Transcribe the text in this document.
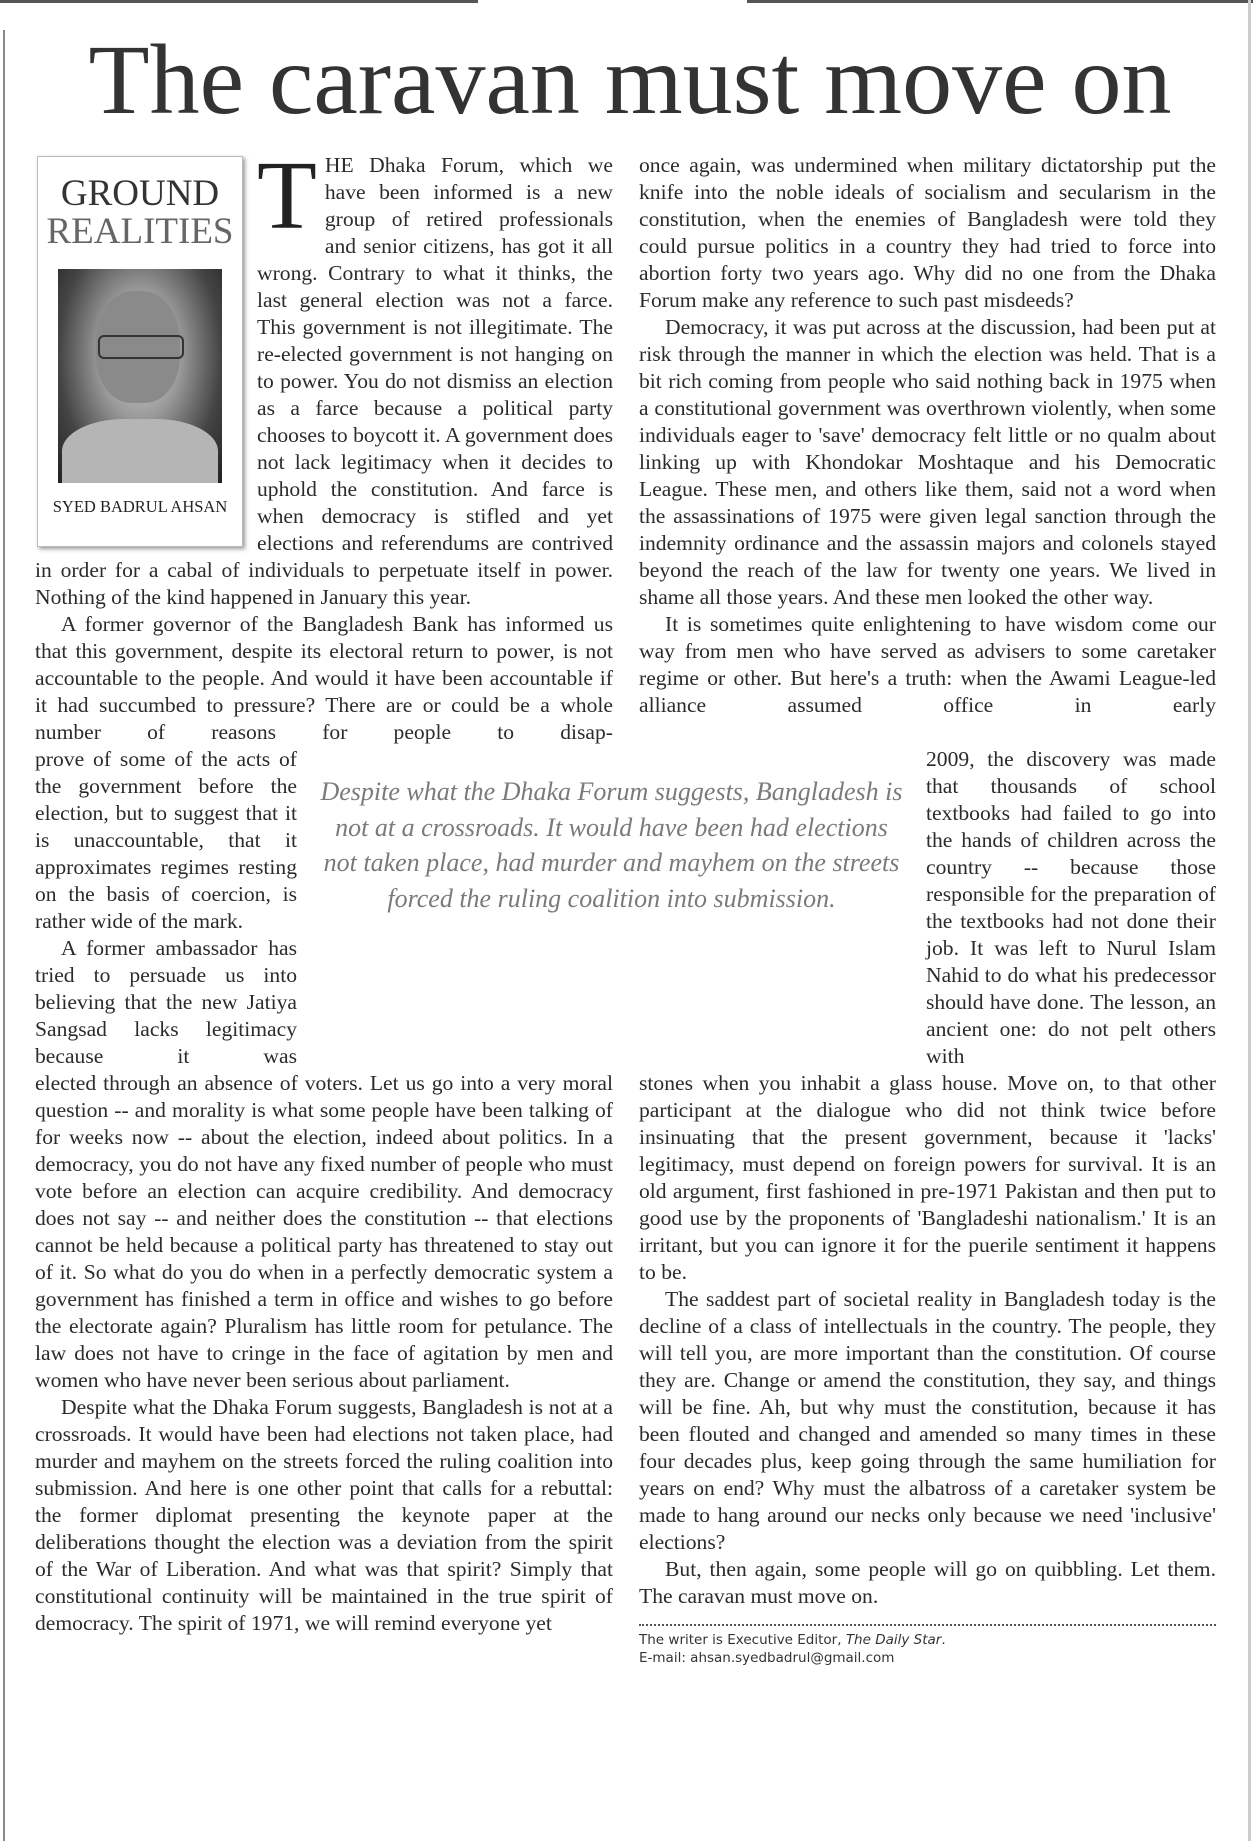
The caravan must move on
GROUND
REALITIES
SYED BADRUL AHSAN

THE Dhaka Forum, which we have been informed is a new group of retired professionals and senior citizens, has got it all wrong. Contrary to what it thinks, the last general election was not a farce. This government is not illegitimate. The re-elected government is not hanging on to power. You do not dismiss an election as a farce because a political party chooses to boycott it. A government does not lack legitimacy when it decides to uphold the constitution. And farce is when democracy is stifled and yet elections and referendums are contrived in order for a cabal of individuals to perpetuate itself in power. Nothing of the kind happened in January this year.

A former governor of the Bangladesh Bank has informed us that this government, despite its electoral return to power, is not accountable to the people. And would it have been accountable if it had succumbed to pressure? There are or could be a whole number of reasons for people to disap-

once again, was undermined when military dictatorship put the knife into the noble ideals of socialism and secularism in the constitution, when the enemies of Bangladesh were told they could pursue politics in a country they had tried to force into abortion forty two years ago. Why did no one from the Dhaka Forum make any reference to such past misdeeds?

Democracy, it was put across at the discussion, had been put at risk through the manner in which the election was held. That is a bit rich coming from people who said nothing back in 1975 when a constitutional government was overthrown violently, when some individuals eager to 'save' democracy felt little or no qualm about linking up with Khondokar Moshtaque and his Democratic League. These men, and others like them, said not a word when the assassinations of 1975 were given legal sanction through the indemnity ordinance and the assassin majors and colonels stayed beyond the reach of the law for twenty one years. We lived in shame all those years. And these men looked the other way.

It is sometimes quite enlightening to have wisdom come our way from men who have served as advisers to some caretaker regime or other. But here's a truth: when the Awami League-led alliance assumed office in early

prove of some of the acts of the government before the election, but to suggest that it is unaccountable, that it approximates regimes resting on the basis of coercion, is rather wide of the mark.

A former ambassador has tried to persuade us into believing that the new Jatiya Sangsad lacks legitimacy because it was

Despite what the Dhaka Forum suggests, Bangladesh is not at a crossroads. It would have been had elections not taken place, had murder and mayhem on the streets forced the ruling coalition into submission.

2009, the discovery was made that thousands of school textbooks had failed to go into the hands of children across the country -- because those responsible for the preparation of the textbooks had not done their job. It was left to Nurul Islam Nahid to do what his predecessor should have done. The lesson, an ancient one: do not pelt others with

elected through an absence of voters. Let us go into a very moral question -- and morality is what some people have been talking of for weeks now -- about the election, indeed about politics. In a democracy, you do not have any fixed number of people who must vote before an election can acquire credibility. And democracy does not say -- and neither does the constitution -- that elections cannot be held because a political party has threatened to stay out of it. So what do you do when in a perfectly democratic system a government has finished a term in office and wishes to go before the electorate again? Pluralism has little room for petulance. The law does not have to cringe in the face of agitation by men and women who have never been serious about parliament.

Despite what the Dhaka Forum suggests, Bangladesh is not at a crossroads. It would have been had elections not taken place, had murder and mayhem on the streets forced the ruling coalition into submission. And here is one other point that calls for a rebuttal: the former diplomat presenting the keynote paper at the deliberations thought the election was a deviation from the spirit of the War of Liberation. And what was that spirit? Simply that constitutional continuity will be maintained in the true spirit of democracy. The spirit of 1971, we will remind everyone yet

stones when you inhabit a glass house. Move on, to that other participant at the dialogue who did not think twice before insinuating that the present government, because it 'lacks' legitimacy, must depend on foreign powers for survival. It is an old argument, first fashioned in pre-1971 Pakistan and then put to good use by the proponents of 'Bangladeshi nationalism.' It is an irritant, but you can ignore it for the puerile sentiment it happens to be.

The saddest part of societal reality in Bangladesh today is the decline of a class of intellectuals in the country. The people, they will tell you, are more important than the constitution. Of course they are. Change or amend the constitution, they say, and things will be fine. Ah, but why must the constitution, because it has been flouted and changed and amended so many times in these four decades plus, keep going through the same humiliation for years on end? Why must the albatross of a caretaker system be made to hang around our necks only because we need 'inclusive' elections?

But, then again, some people will go on quibbling. Let them. The caravan must move on.

The writer is Executive Editor, The Daily Star.
E-mail: ahsan.syedbadrul@gmail.com
